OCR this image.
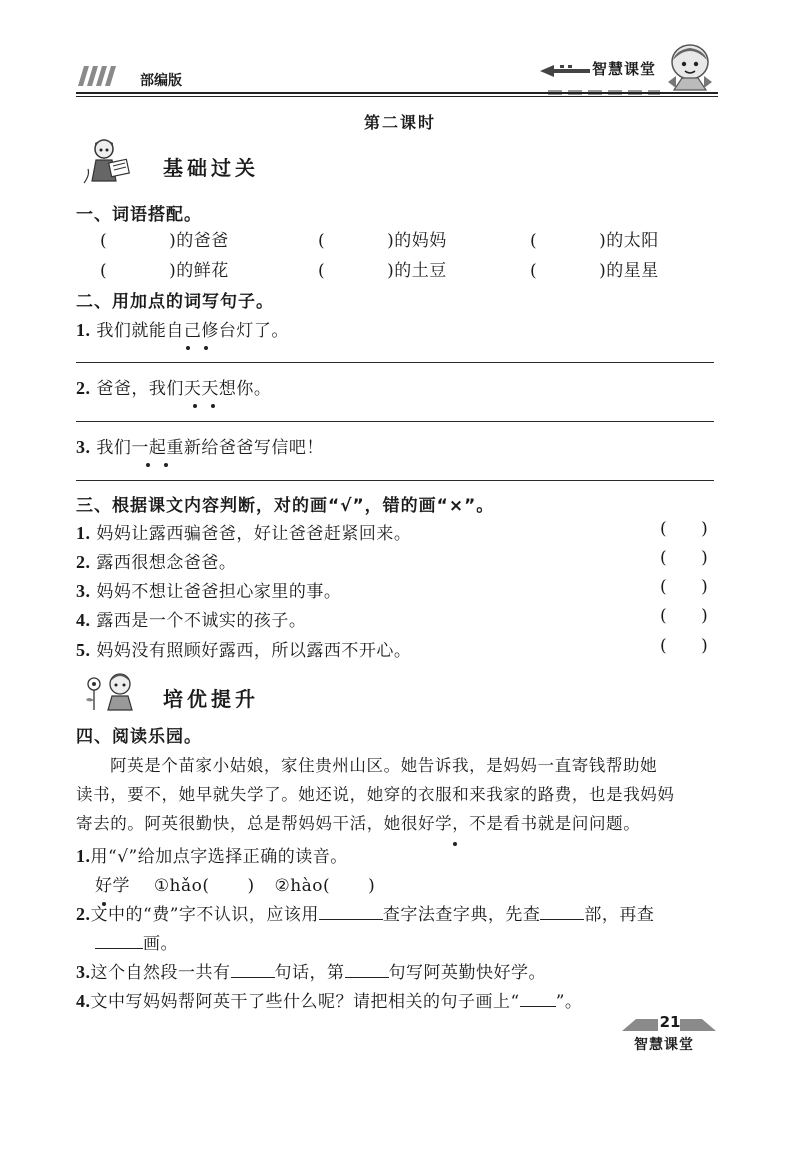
部编版
智慧课堂
第二课时
基础过关
一、词语搭配。
(	)的爸爸	(	)的妈妈	(	)的太阳
(	)的鲜花	(	)的土豆	(	)的星星
二、用加点的词写句子。
1. 我们就能自己修台灯了。
2. 爸爸，我们天天想你。
3. 我们一起重新给爸爸写信吧！
三、根据课文内容判断，对的画“√”，错的画“×”。
1. 妈妈让露西骗爸爸，好让爸爸赶紧回来。	( )
2. 露西很想念爸爸。	( )
3. 妈妈不想让爸爸担心家里的事。	( )
4. 露西是一个不诚实的孩子。	( )
5. 妈妈没有照顾好露西，所以露西不开心。	( )
培优提升
四、阅读乐园。
阿英是个苗家小姑娘，家住贵州山区。她告诉我，是妈妈一直寄钱帮助她
读书，要不，她早就失学了。她还说，她穿的衣服和来我家的路费，也是我妈妈
寄去的。阿英很勤快，总是帮妈妈干活，她很好学，不是看书就是问问题。
1.用“√”给加点字选择正确的读音。
好学 ①hǎo( ) ②hào( )
2.文中的“费”字不认识，应该用	查字法查字典，先查	部，再查
画。
3.这个自然段一共有	句话，第	句写阿英勤快好学。
4.文中写妈妈帮阿英干了些什么呢？请把相关的句子画上“ ”。
21
智慧课堂
